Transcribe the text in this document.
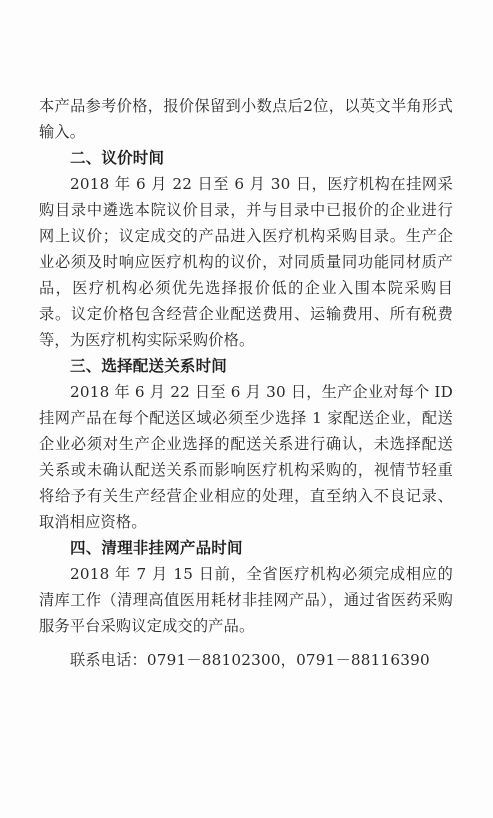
本产品参考价格，报价保留到小数点后2位，以英文半角形式输入。

二、议价时间

2018 年 6 月 22 日至 6 月 30 日，医疗机构在挂网采购目录中遴选本院议价目录，并与目录中已报价的企业进行网上议价；议定成交的产品进入医疗机构采购目录。生产企业必须及时响应医疗机构的议价，对同质量同功能同材质产品，医疗机构必须优先选择报价低的企业入围本院采购目录。议定价格包含经营企业配送费用、运输费用、所有税费等，为医疗机构实际采购价格。

三、选择配送关系时间

2018 年 6 月 22 日至 6 月 30 日，生产企业对每个 ID 挂网产品在每个配送区域必须至少选择 1 家配送企业，配送企业必须对生产企业选择的配送关系进行确认，未选择配送关系或未确认配送关系而影响医疗机构采购的，视情节轻重将给予有关生产经营企业相应的处理，直至纳入不良记录、取消相应资格。

四、清理非挂网产品时间

2018 年 7 月 15 日前，全省医疗机构必须完成相应的清库工作（清理高值医用耗材非挂网产品），通过省医药采购服务平台采购议定成交的产品。

联系电话：0791－88102300，0791－88116390
